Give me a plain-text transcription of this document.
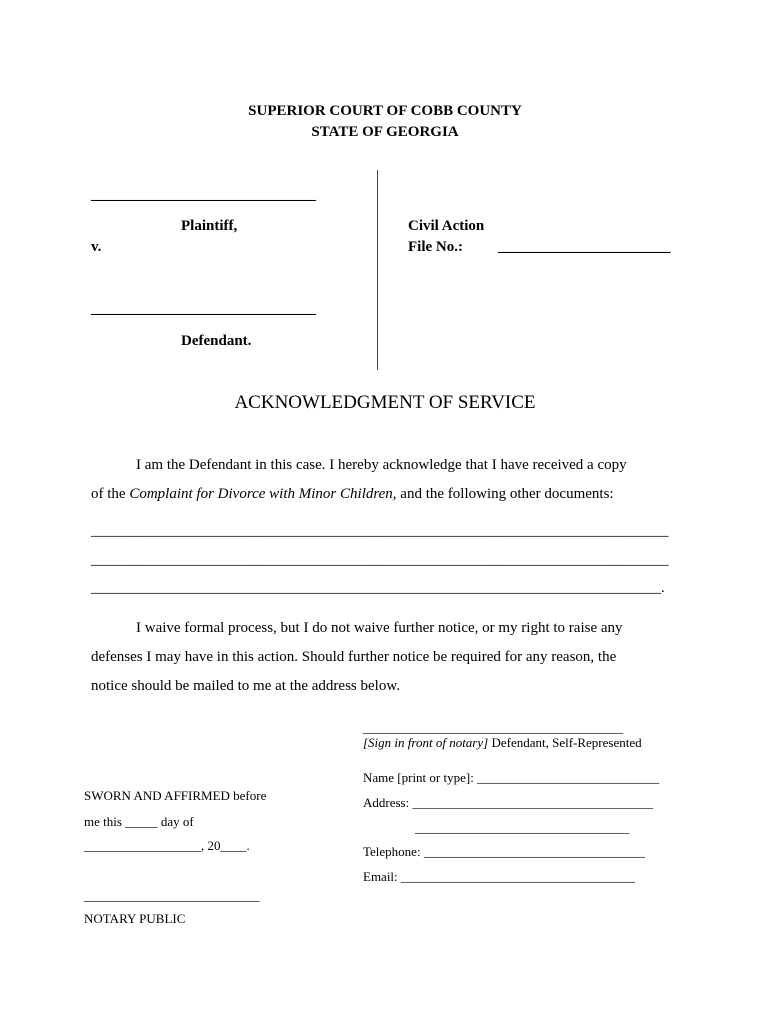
SUPERIOR COURT OF COBB COUNTY
STATE OF GEORGIA
______________________________
Plaintiff,
v.
______________________________
Defendant.
Civil Action
File No.: _______________________
ACKNOWLEDGMENT OF SERVICE
I am the Defendant in this case. I hereby acknowledge that I have received a copy
of the Complaint for Divorce with Minor Children, and the following other documents:
_____________________________________________________________________________
_____________________________________________________________________________
____________________________________________________________________________.
I waive formal process, but I do not waive further notice, or my right to raise any
defenses I may have in this action. Should further notice be required for any reason, the
notice should be mailed to me at the address below.
________________________________________
[Sign in front of notary] Defendant, Self-Represented
Name [print or type]: ____________________________
Address: _____________________________________
_________________________________
Telephone: __________________________________
Email: ____________________________________
SWORN AND AFFIRMED before
me this _____ day of
__________________, 20____.
___________________________
NOTARY PUBLIC
